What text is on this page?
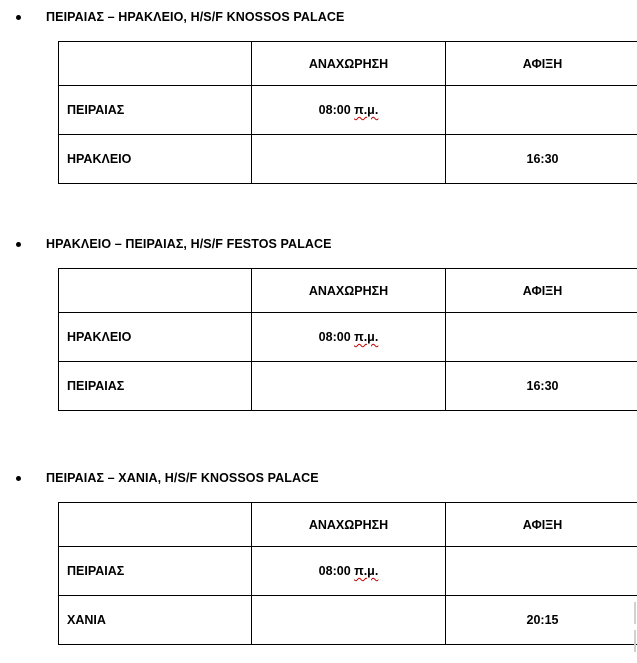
ΠΕΙΡΑΙΑΣ – ΗΡΑΚΛΕΙΟ, H/S/F KNOSSOS PALACE
	ΑΝΑΧΩΡΗΣΗ	ΑΦΙΞΗ
ΠΕΙΡΑΙΑΣ	08:00 π.μ.	
ΗΡΑΚΛΕΙΟ		16:30
ΗΡΑΚΛΕΙΟ – ΠΕΙΡΑΙΑΣ, H/S/F FESTOS PALACE
	ΑΝΑΧΩΡΗΣΗ	ΑΦΙΞΗ
ΗΡΑΚΛΕΙΟ	08:00 π.μ.	
ΠΕΙΡΑΙΑΣ		16:30
ΠΕΙΡΑΙΑΣ – ΧΑΝΙΑ, H/S/F KNOSSOS PALACE
	ΑΝΑΧΩΡΗΣΗ	ΑΦΙΞΗ
ΠΕΙΡΑΙΑΣ	08:00 π.μ.	
ΧΑΝΙΑ		20:15
